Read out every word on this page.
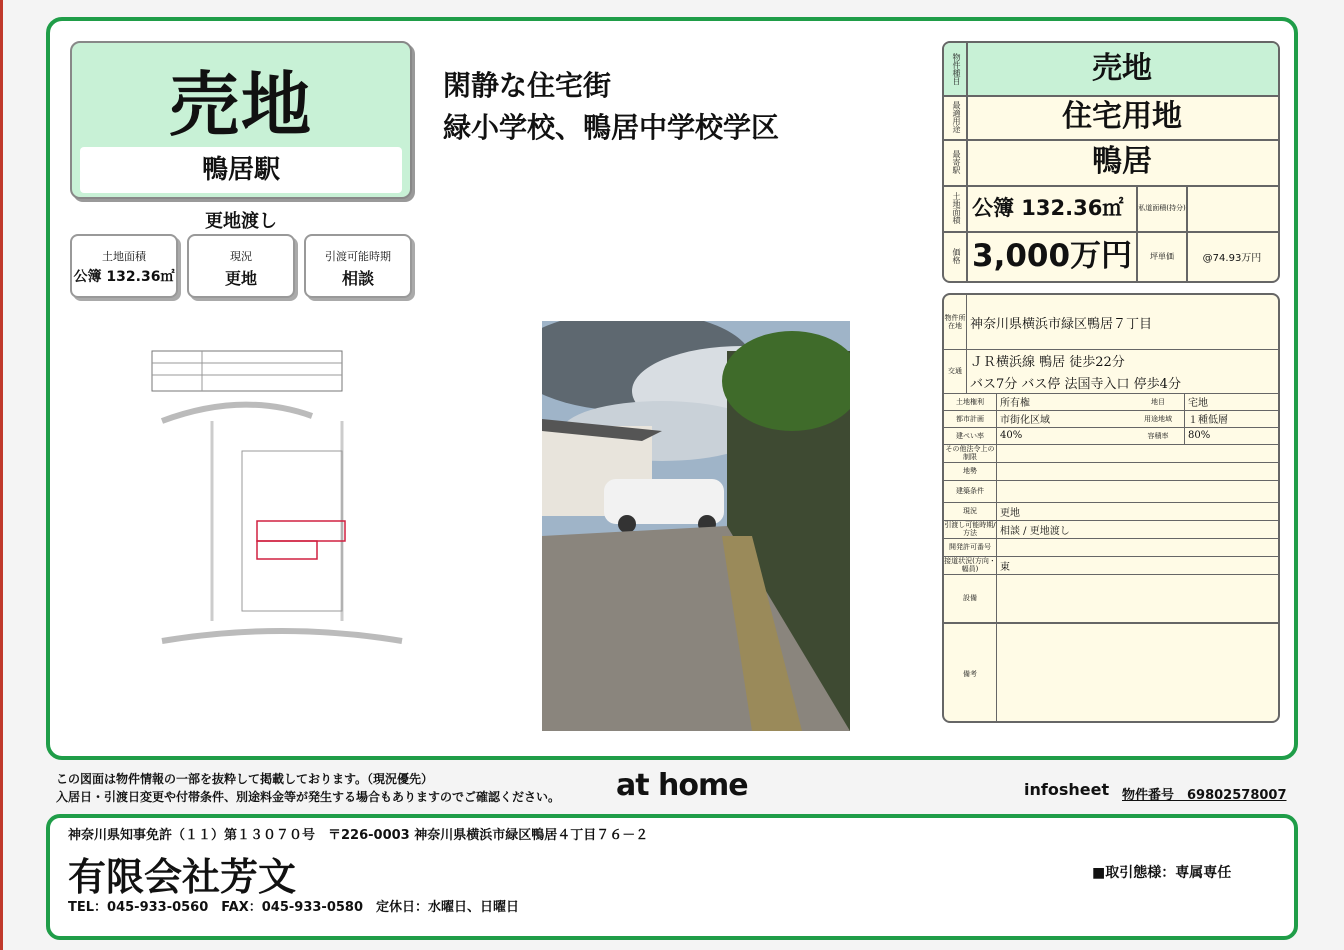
売地
鴨居駅
更地渡し
土地面積
公簿 132.36㎡
現況
更地
引渡可能時期
相談
閑静な住宅街
緑小学校、鴨居中学校学区
物件種目	売地
最適用途	住宅用地
最寄駅	鴨居
土地面積 公簿 132.36㎡	私道面積(持分)
価格 3,000万円	坪単価	@74.93万円
物件所在地 神奈川県横浜市緑区鴨居７丁目
交通
ＪＲ横浜線 鴨居 徒歩22分
バス7分 バス停 法国寺入口 停歩4分
土地権利	所有権	地目	宅地
都市計画	市街化区域	用途地域	１種低層
建ぺい率	40%	容積率	80%
その他法令上の制限
地勢
建築条件
現況	更地
引渡し可能時期/方法	相談 / 更地渡し
開発許可番号
接道状況(方向・幅員)	東
設備
備考
この図面は物件情報の一部を抜粋して掲載しております。（現況優先）
入居日・引渡日変更や付帯条件、別途料金等が発生する場合もありますのでご確認ください。 at home	infosheet 物件番号　69802578007
神奈川県知事免許（１１）第１３０７０号　〒226-0003 神奈川県横浜市緑区鴨居４丁目７６－２
有限会社芳文
TEL：045-933-0560　FAX：045-933-0580　定休日：水曜日、日曜日
■取引態様：専属専任
